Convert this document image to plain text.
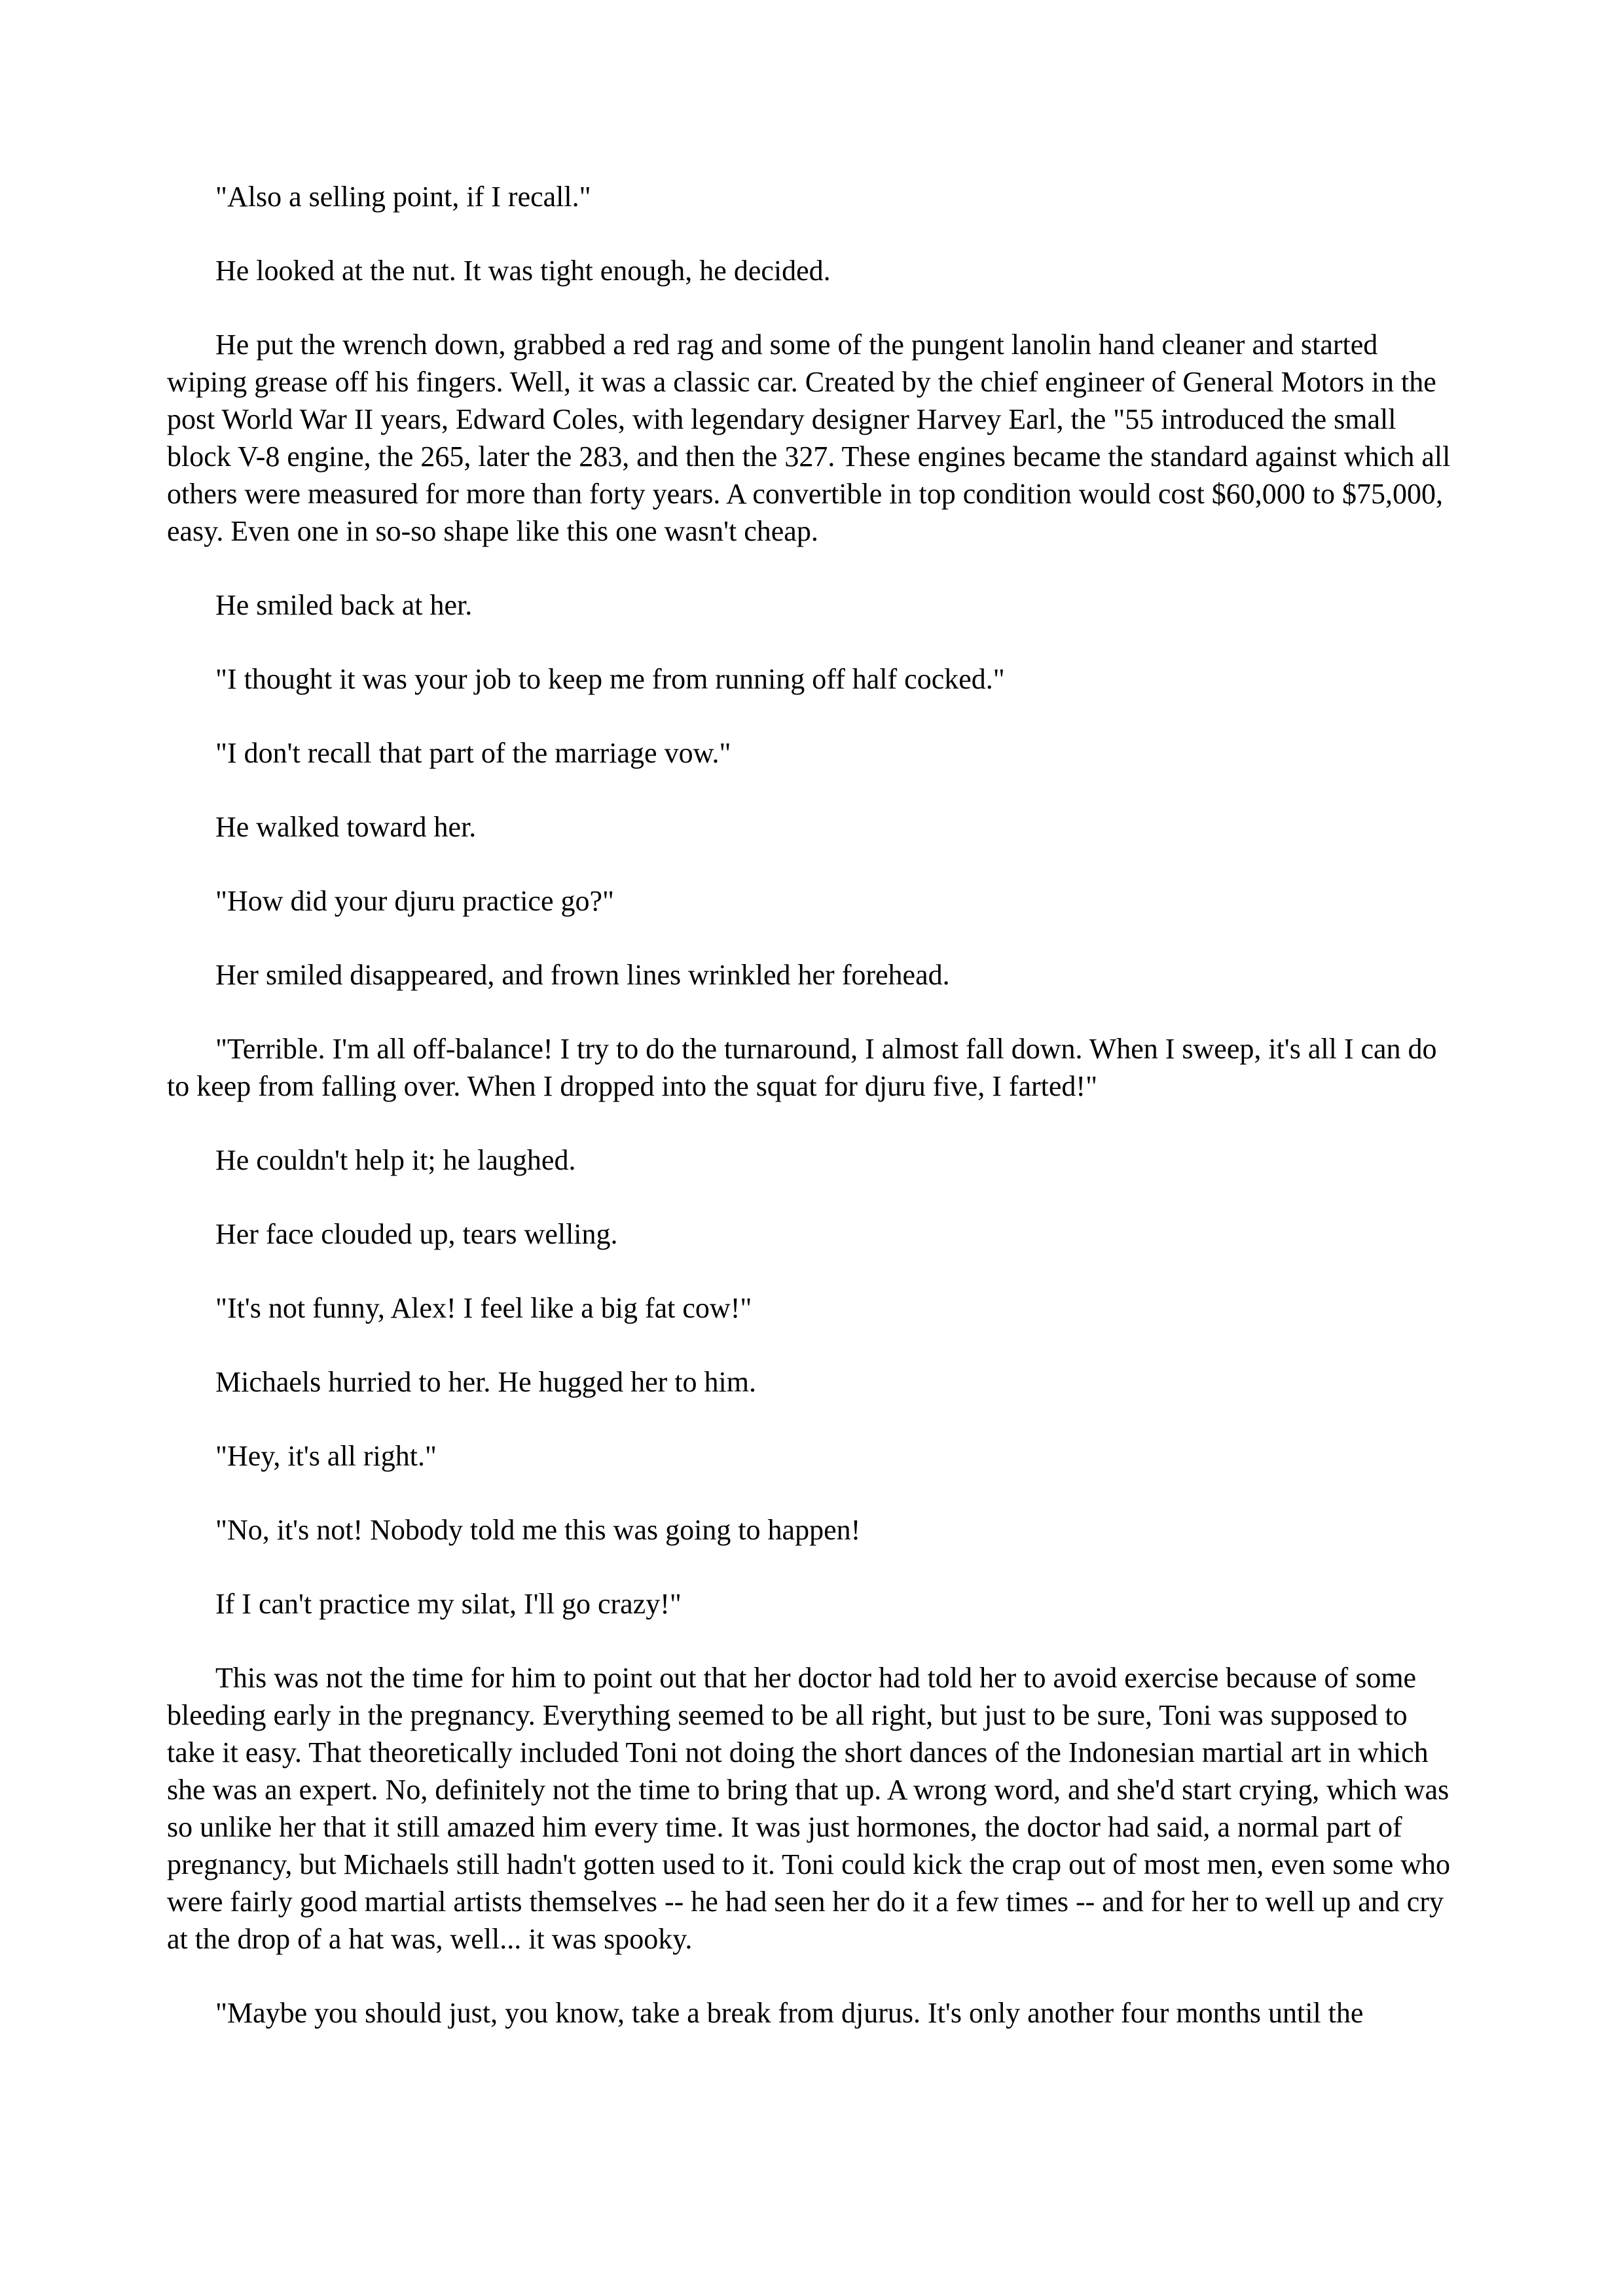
"Also a selling point, if I recall."

He looked at the nut. It was tight enough, he decided.

He put the wrench down, grabbed a red rag and some of the pungent lanolin hand cleaner and started wiping grease off his fingers. Well, it was a classic car. Created by the chief engineer of General Motors in the post World War II years, Edward Coles, with legendary designer Harvey Earl, the "55 introduced the small block V-8 engine, the 265, later the 283, and then the 327. These engines became the standard against which all others were measured for more than forty years. A convertible in top condition would cost $60,000 to $75,000, easy. Even one in so-so shape like this one wasn't cheap.

He smiled back at her.

"I thought it was your job to keep me from running off half cocked."

"I don't recall that part of the marriage vow."

He walked toward her.

"How did your djuru practice go?"

Her smiled disappeared, and frown lines wrinkled her forehead.

"Terrible. I'm all off-balance! I try to do the turnaround, I almost fall down. When I sweep, it's all I can do to keep from falling over. When I dropped into the squat for djuru five, I farted!"

He couldn't help it; he laughed.

Her face clouded up, tears welling.

"It's not funny, Alex! I feel like a big fat cow!"

Michaels hurried to her. He hugged her to him.

"Hey, it's all right."

"No, it's not! Nobody told me this was going to happen!

If I can't practice my silat, I'll go crazy!"

This was not the time for him to point out that her doctor had told her to avoid exercise because of some bleeding early in the pregnancy. Everything seemed to be all right, but just to be sure, Toni was supposed to take it easy. That theoretically included Toni not doing the short dances of the Indonesian martial art in which she was an expert. No, definitely not the time to bring that up. A wrong word, and she'd start crying, which was so unlike her that it still amazed him every time. It was just hormones, the doctor had said, a normal part of pregnancy, but Michaels still hadn't gotten used to it. Toni could kick the crap out of most men, even some who were fairly good martial artists themselves -- he had seen her do it a few times -- and for her to well up and cry at the drop of a hat was, well... it was spooky.

"Maybe you should just, you know, take a break from djurus. It's only another four months until the
